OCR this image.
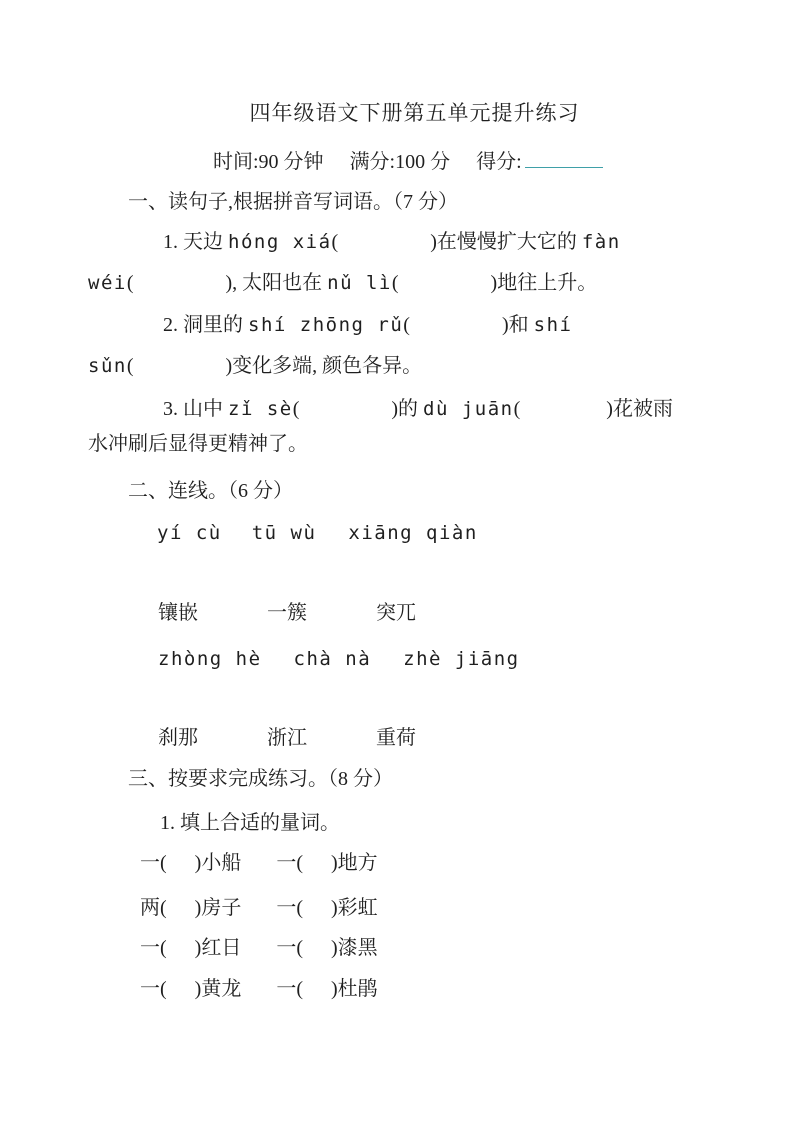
四年级语文下册第五单元提升练习
时间:90 分钟 满分:100 分 得分:
一、读句子,根据拼音写词语。（7 分）
1. 天边 hóng xiá(	)在慢慢扩大它的 fàn
wéi(	), 太阳也在 nǔ lì(	)地往上升。
2. 洞里的 shí zhōng rǔ(	)和 shí
sǔn(	)变化多端, 颜色各异。
3. 山中 zǐ sè(	)的 dù juān(	)花被雨
水冲刷后显得更精神了。
二、连线。（6 分）
yí cù tū wù xiāng qiàn
镶嵌	一簇	突兀
zhòng hè chà nà zhè jiāng
刹那	浙江	重荷
三、按要求完成练习。（8 分）
1. 填上合适的量词。
一( )小船 一( )地方
两( )房子 一( )彩虹
一( )红日 一( )漆黑
一( )黄龙 一( )杜鹃
